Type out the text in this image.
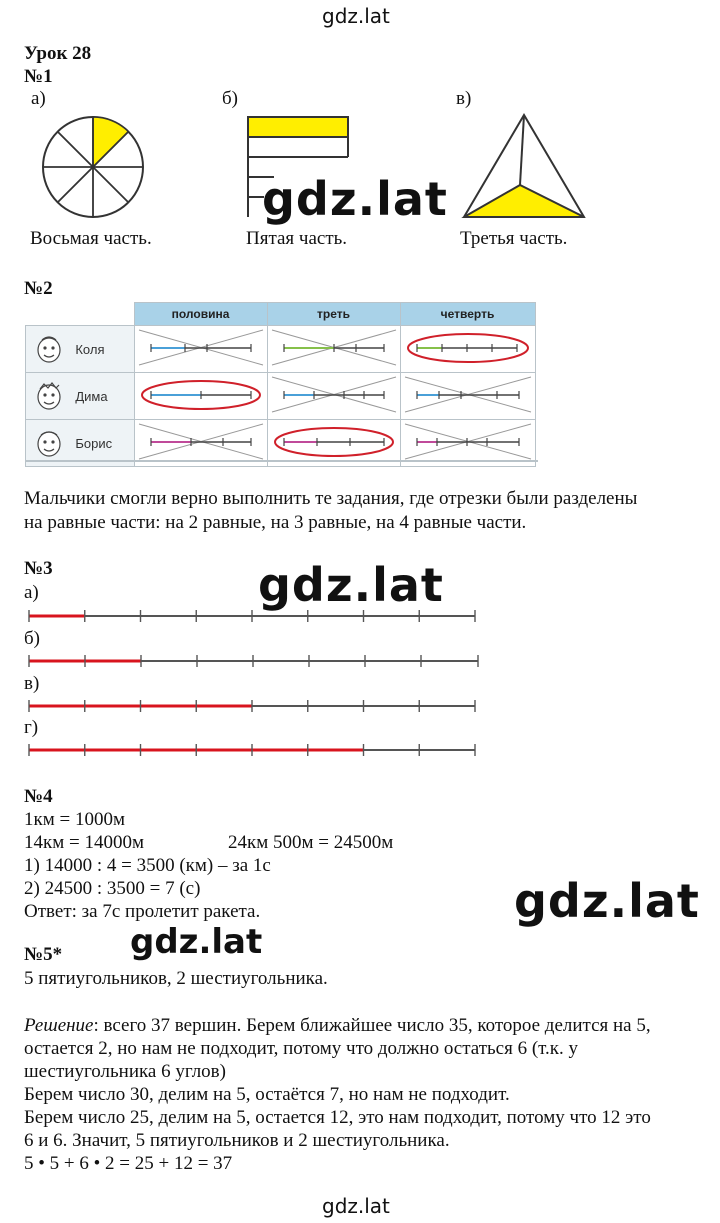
gdz.lat
Урок 28
№1
а)	б)	в)
gdz.lat
Восьмая часть.	Пятая часть.	Третья часть.
№2
	половина	треть	четверть
Коля			
Дима			
Борис			
Мальчики смогли верно выполнить те задания, где отрезки были разделены
на равные части: на 2 равные, на 3 равные, на 4 равные части.
№3	gdz.lat
а)
б)
в)
г)
№4
1км = 1000м
14км = 14000м	24км 500м = 24500м
1) 14000 : 4 = 3500 (км) – за 1с
2) 24500 : 3500 = 7 (с)
Ответ: за 7с пролетит ракета.	gdz.lat
№5* gdz.lat
5 пятиугольников, 2 шестиугольника.
Решение: всего 37 вершин. Берем ближайшее число 35, которое делится на 5,
остается 2, но нам не подходит, потому что должно остаться 6 (т.к. у
шестиугольника 6 углов)
Берем число 30, делим на 5, остаётся 7, но нам не подходит.
Берем число 25, делим на 5, остается 12, это нам подходит, потому что 12 это
6 и 6. Значит, 5 пятиугольников и 2 шестиугольника.
5 • 5 + 6 • 2 = 25 + 12 = 37
gdz.lat
